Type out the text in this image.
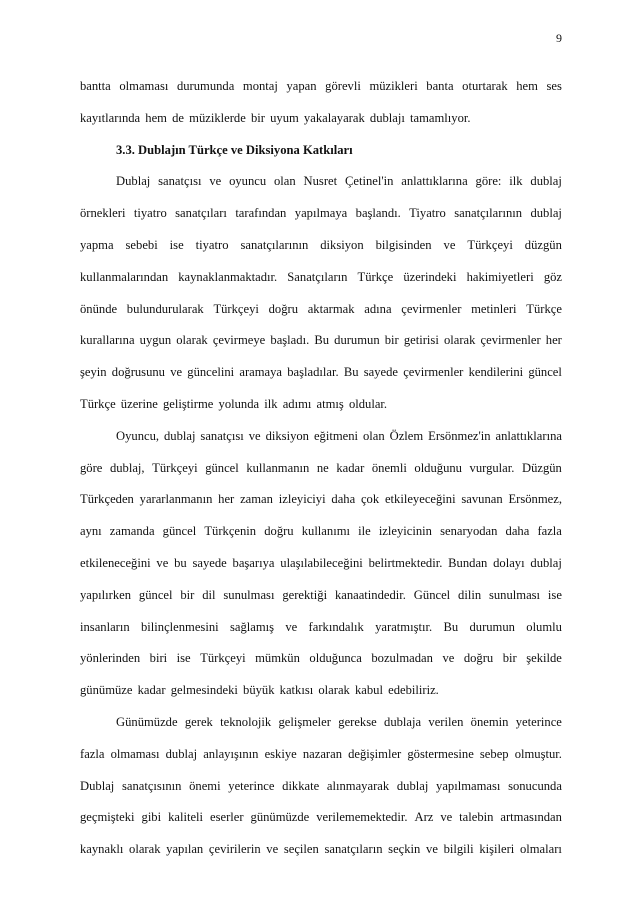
9
bantta olmaması durumunda montaj yapan görevli müzikleri banta oturtarak hem ses
kayıtlarında hem de müziklerde bir uyum yakalayarak dublajı tamamlıyor.
3.3. Dublajın Türkçe ve Diksiyona Katkıları
Dublaj sanatçısı ve oyuncu olan Nusret Çetinel'in anlattıklarına göre: ilk dublaj
örnekleri tiyatro sanatçıları tarafından yapılmaya başlandı. Tiyatro sanatçılarının dublaj
yapma sebebi ise tiyatro sanatçılarının diksiyon bilgisinden ve Türkçeyi düzgün
kullanmalarından kaynaklanmaktadır. Sanatçıların Türkçe üzerindeki hakimiyetleri göz
önünde bulundurularak Türkçeyi doğru aktarmak adına çevirmenler metinleri Türkçe
kurallarına uygun olarak çevirmeye başladı. Bu durumun bir getirisi olarak çevirmenler her
şeyin doğrusunu ve güncelini aramaya başladılar. Bu sayede çevirmenler kendilerini güncel
Türkçe üzerine geliştirme yolunda ilk adımı atmış oldular.
Oyuncu, dublaj sanatçısı ve diksiyon eğitmeni olan Özlem Ersönmez'in anlattıklarına
göre dublaj, Türkçeyi güncel kullanmanın ne kadar önemli olduğunu vurgular. Düzgün
Türkçeden yararlanmanın her zaman izleyiciyi daha çok etkileyeceğini savunan Ersönmez,
aynı zamanda güncel Türkçenin doğru kullanımı ile izleyicinin senaryodan daha fazla
etkileneceğini ve bu sayede başarıya ulaşılabileceğini belirtmektedir. Bundan dolayı dublaj
yapılırken güncel bir dil sunulması gerektiği kanaatindedir. Güncel dilin sunulması ise
insanların bilinçlenmesini sağlamış ve farkındalık yaratmıştır. Bu durumun olumlu
yönlerinden biri ise Türkçeyi mümkün olduğunca bozulmadan ve doğru bir şekilde
günümüze kadar gelmesindeki büyük katkısı olarak kabul edebiliriz.
Günümüzde gerek teknolojik gelişmeler gerekse dublaja verilen önemin yeterince
fazla olmaması dublaj anlayışının eskiye nazaran değişimler göstermesine sebep olmuştur.
Dublaj sanatçısının önemi yeterince dikkate alınmayarak dublaj yapılmaması sonucunda
geçmişteki gibi kaliteli eserler günümüzde verilememektedir. Arz ve talebin artmasından
kaynaklı olarak yapılan çevirilerin ve seçilen sanatçıların seçkin ve bilgili kişileri olmaları
